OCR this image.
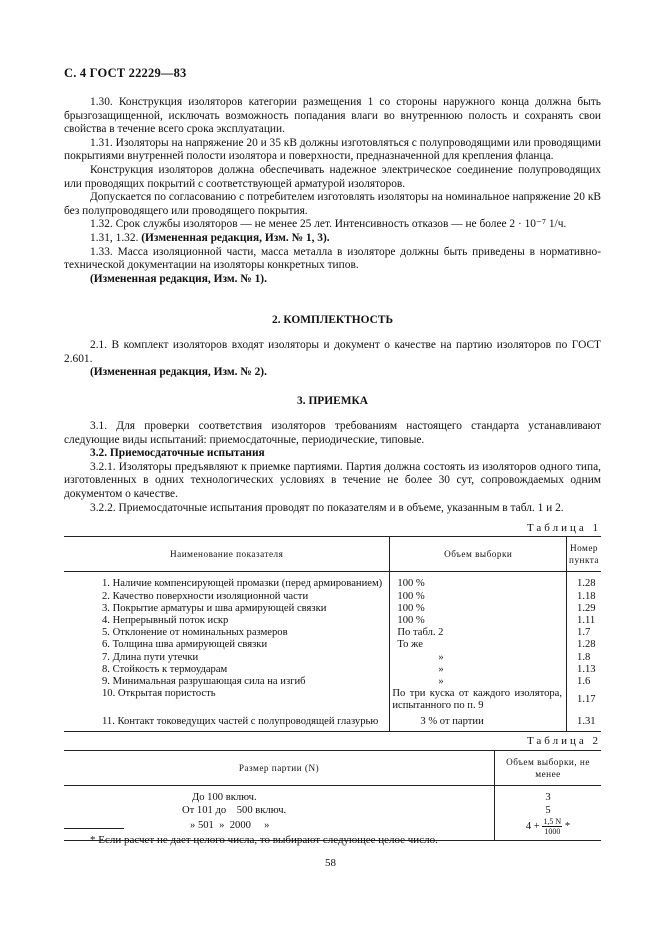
С. 4 ГОСТ 22229—83

1.30. Конструкция изоляторов категории размещения 1 со стороны наружного конца должна быть брызгозащищенной, исключать возможность попадания влаги во внутреннюю полость и сохранять свои свойства в течение всего срока эксплуатации.

1.31. Изоляторы на напряжение 20 и 35 кВ должны изготовляться с полупроводящими или проводящими покрытиями внутренней полости изолятора и поверхности, предназначенной для крепления фланца.

Конструкция изоляторов должна обеспечивать надежное электрическое соединение полупроводящих или проводящих покрытий с соответствующей арматурой изоляторов.

Допускается по согласованию с потребителем изготовлять изоляторы на номинальное напряжение 20 кВ без полупроводящего или проводящего покрытия.

1.32. Срок службы изоляторов — не менее 25 лет. Интенсивность отказов — не более 2 · 10⁻⁷ 1/ч.

1.31, 1.32. (Измененная редакция, Изм. № 1, 3).

1.33. Масса изоляционной части, масса металла в изоляторе должны быть приведены в нормативно-технической документации на изоляторы конкретных типов.

(Измененная редакция, Изм. № 1).

2. КОМПЛЕКТНОСТЬ

2.1. В комплект изоляторов входят изоляторы и документ о качестве на партию изоляторов по ГОСТ 2.601.

(Измененная редакция, Изм. № 2).

3. ПРИЕМКА

3.1. Для проверки соответствия изоляторов требованиям настоящего стандарта устанавливают следующие виды испытаний: приемосдаточные, периодические, типовые.

3.2. Приемосдаточные испытания

3.2.1. Изоляторы предъявляют к приемке партиями. Партия должна состоять из изоляторов одного типа, изготовленных в одних технологических условиях в течение не более 30 сут, сопровождаемых одним документом о качестве.

3.2.2. Приемосдаточные испытания проводят по показателям и в объеме, указанным в табл. 1 и 2.

Таблица 1
Наименование показателя	Объем выборки	Номер пункта
1. Наличие компенсирующей промазки (перед армированием)	100 %	1.28
2. Качество поверхности изоляционной части	100 %	1.18
3. Покрытие арматуры и шва армирующей связки	100 %	1.29
4. Непрерывный поток искр	100 %	1.11
5. Отклонение от номинальных размеров	По табл. 2	1.7
6. Толщина шва армирующей связки	То же	1.28
7. Длина пути утечки	»	1.8
8. Стойкость к термоударам	»	1.13
9. Минимальная разрушающая сила на изгиб	»	1.6
10. Открытая пористость	По три куска от каждого изолятора, испытанного по п. 9	1.17
11. Контакт токоведущих частей с полупроводящей глазурью	3 % от партии	1.31
Таблица 2
Размер партии (N)	Объем выборки, не менее
До 100 включ.	3
От 101 до    500 включ.	5
» 501  »  2000     »	$4 + \frac{1,5 N}{1000}$ *
* Если расчет не дает целого числа, то выбирают следующее целое число.
58
